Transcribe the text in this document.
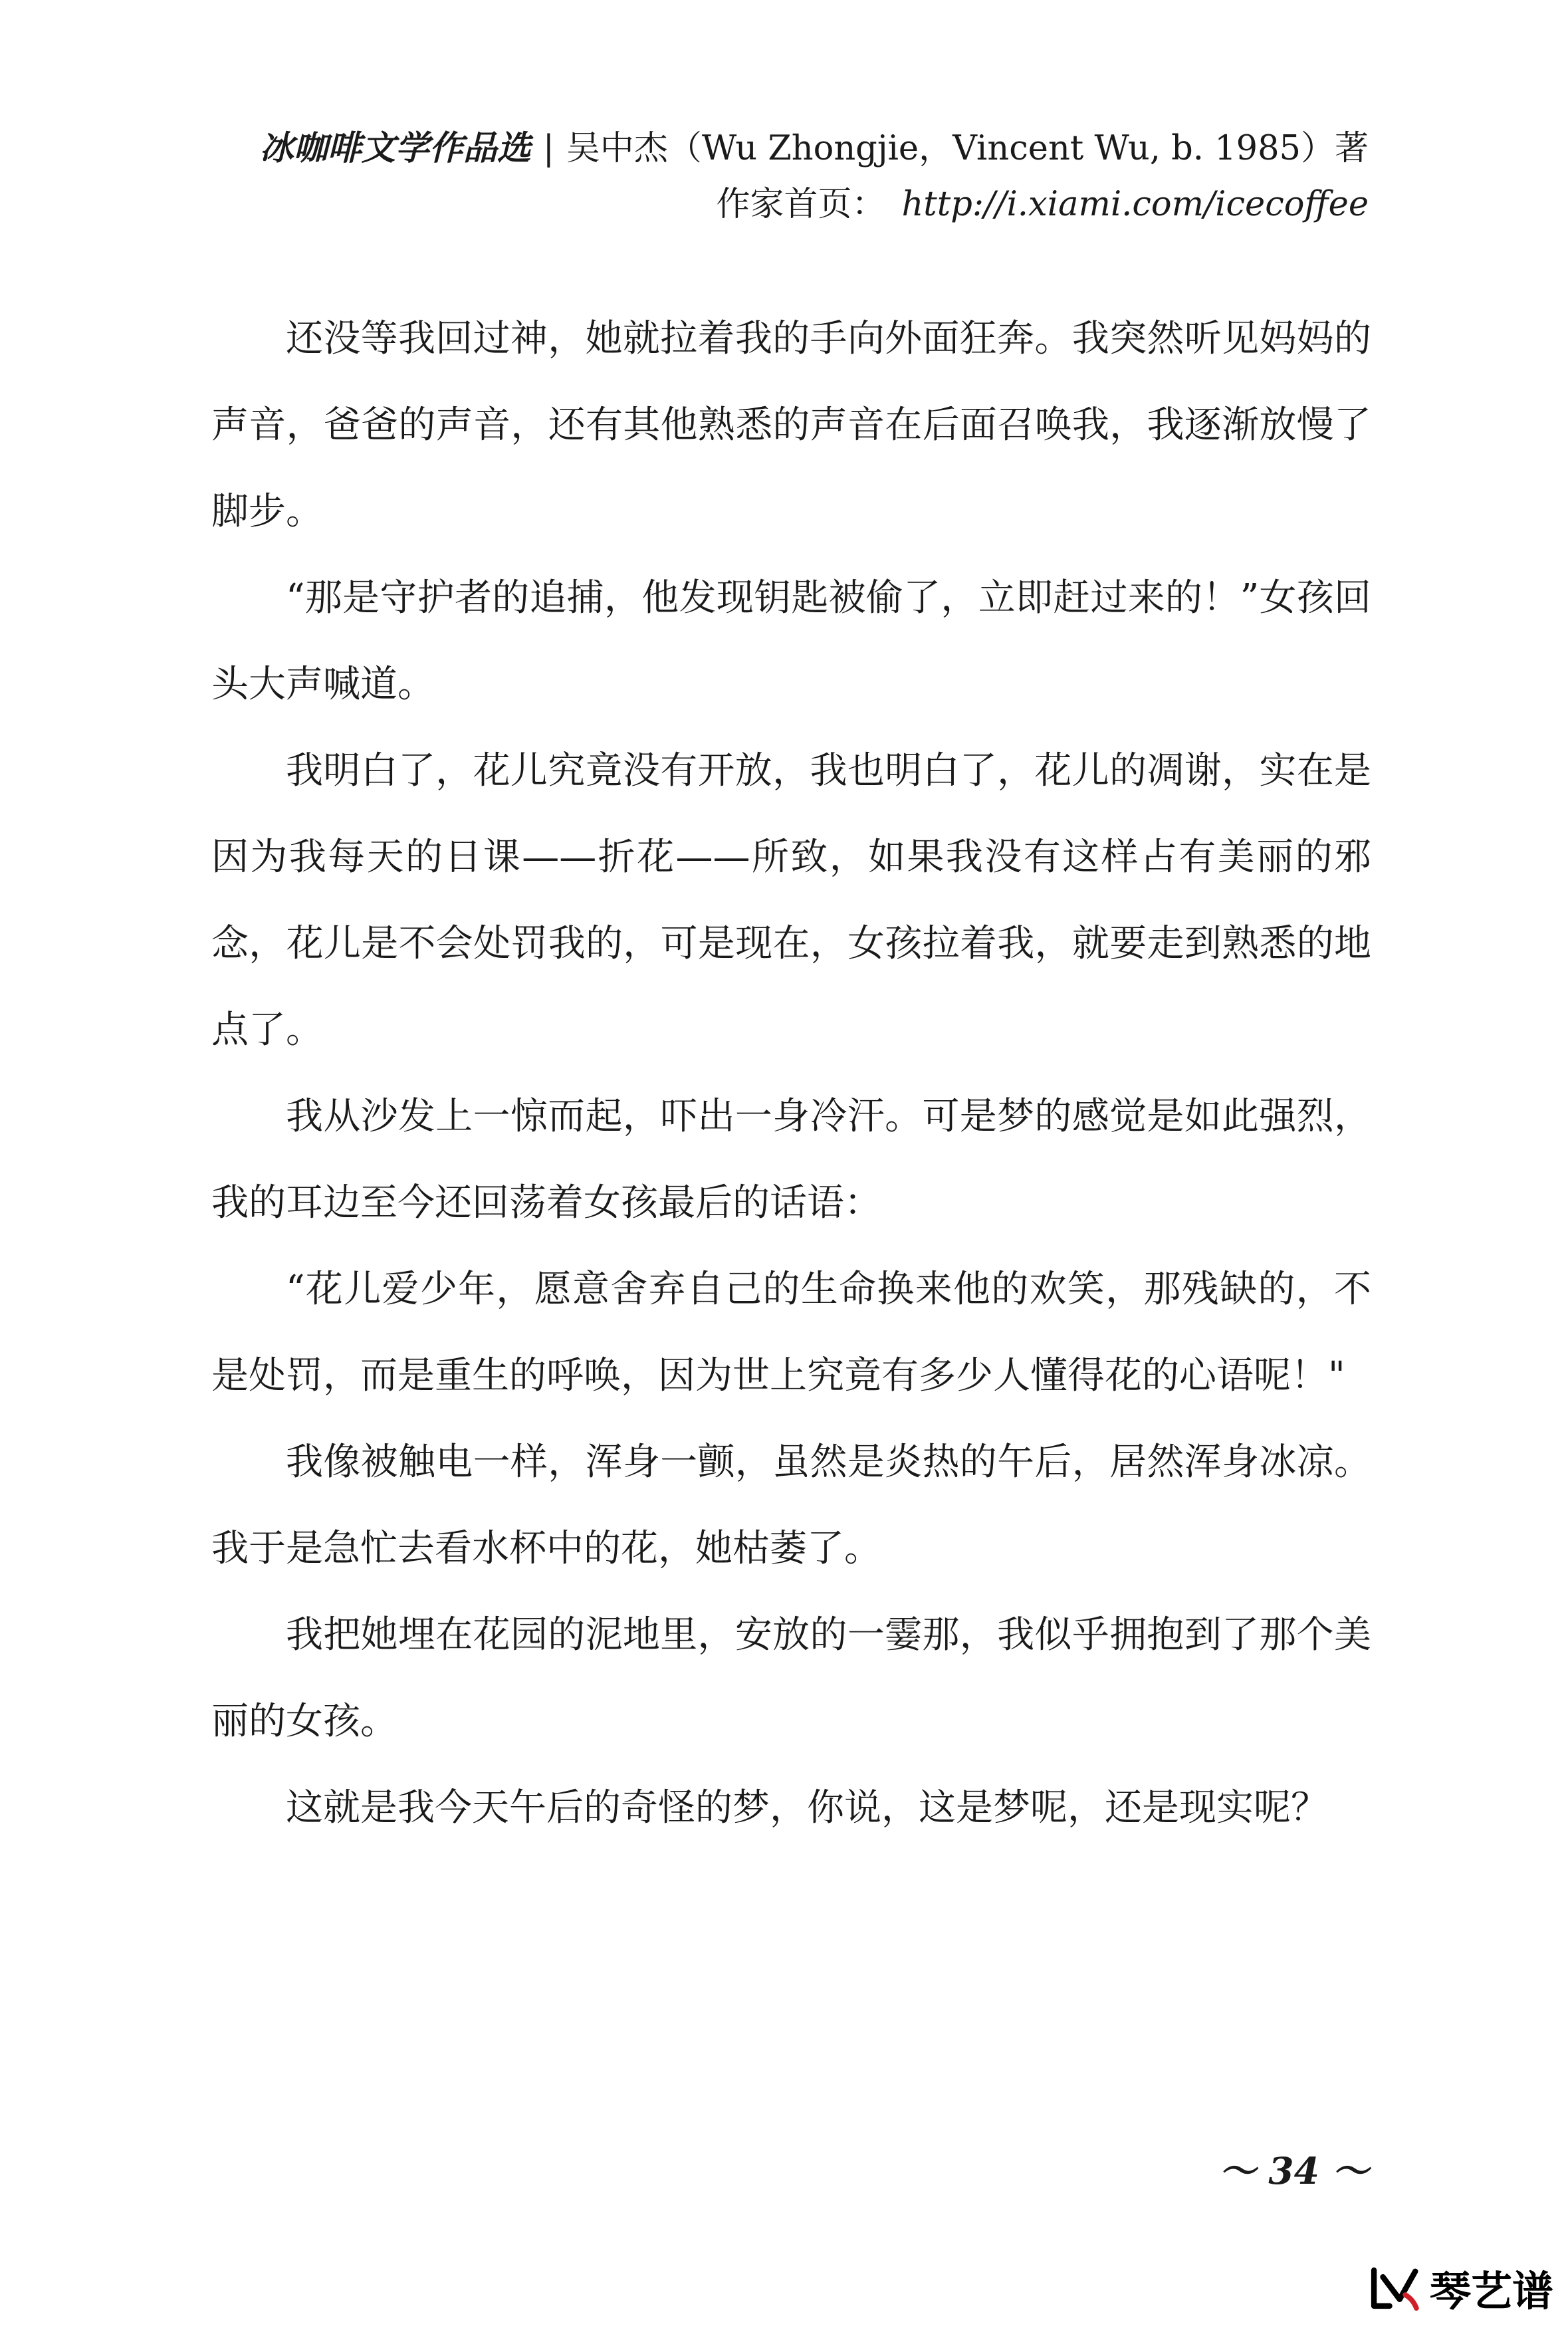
冰咖啡文学作品选 | 吴中杰（Wu Zhongjie，Vincent Wu, b. 1985）著
作家首页： http://i.xiami.com/icecoffee

还没等我回过神，她就拉着我的手向外面狂奔。我突然听见妈妈的声音，爸爸的声音，还有其他熟悉的声音在后面召唤我，我逐渐放慢了脚步。

“那是守护者的追捕，他发现钥匙被偷了，立即赶过来的！”女孩回头大声喊道。

我明白了，花儿究竟没有开放，我也明白了，花儿的凋谢，实在是因为我每天的日课——折花——所致，如果我没有这样占有美丽的邪念，花儿是不会处罚我的，可是现在，女孩拉着我，就要走到熟悉的地点了。

我从沙发上一惊而起，吓出一身冷汗。可是梦的感觉是如此强烈，我的耳边至今还回荡着女孩最后的话语：

“花儿爱少年，愿意舍弃自己的生命换来他的欢笑，那残缺的，不是处罚，而是重生的呼唤，因为世上究竟有多少人懂得花的心语呢！"

我像被触电一样，浑身一颤，虽然是炎热的午后，居然浑身冰凉。我于是急忙去看水杯中的花，她枯萎了。

我把她埋在花园的泥地里，安放的一霎那，我似乎拥抱到了那个美丽的女孩。

这就是我今天午后的奇怪的梦，你说，这是梦呢，还是现实呢？

～ 34 ～
琴艺谱
